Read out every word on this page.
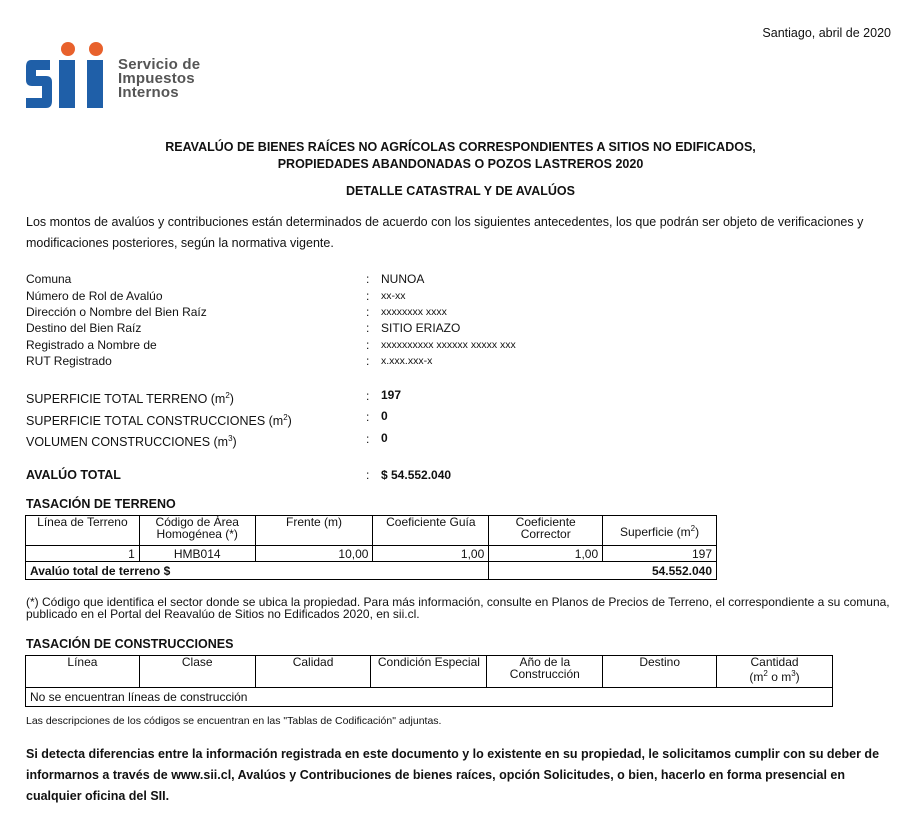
Santiago, abril de 2020
Servicio de
Impuestos
Internos
REAVALÚO DE BIENES RAÍCES NO AGRÍCOLAS CORRESPONDIENTES A SITIOS NO EDIFICADOS,
PROPIEDADES ABANDONADAS O POZOS LASTREROS 2020
DETALLE CATASTRAL Y DE AVALÚOS
Los montos de avalúos y contribuciones están determinados de acuerdo con los siguientes antecedentes, los que podrán ser objeto de verificaciones y modificaciones posteriores, según la normativa vigente.
Comuna	: NUNOA
Número de Rol de Avalúo	: xx-xx
Dirección o Nombre del Bien Raíz	: xxxxxxxx xxxx
Destino del Bien Raíz	: SITIO ERIAZO
Registrado a Nombre de	: xxxxxxxxxx xxxxxx xxxxx xxx
RUT Registrado	: x.xxx.xxx-x
SUPERFICIE TOTAL TERRENO $(m^2)$	: 197
SUPERFICIE TOTAL CONSTRUCCIONES $(m^2)$	: 0
VOLUMEN CONSTRUCCIONES $(m^3)$	: 0
AVALÚO TOTAL	: $ 54.552.040
TASACIÓN DE TERRENO
Línea de Terreno	Código de Área Homogénea (*)	Frente (m)	Coeficiente Guía	Coeficiente Corrector	Superficie $(m^2)$
1	HMB014	10,00	1,00	1,00	197
Avalúo total de terreno $				54.552.040	
(*) Código que identifica el sector donde se ubica la propiedad. Para más información, consulte en Planos de Precios de Terreno, el correspondiente a su comuna, publicado en el Portal del Reavalúo de Sitios no Edificados 2020, en sii.cl.
TASACIÓN DE CONSTRUCCIONES
Línea	Clase	Calidad	Condición Especial	Año de la Construcción	Destino	Cantidad
($m^2$ o $m^3$)
No se encuentran líneas de construcción
Las descripciones de los códigos se encuentran en las "Tablas de Codificación" adjuntas.
Si detecta diferencias entre la información registrada en este documento y lo existente en su propiedad, le solicitamos cumplir con su deber de informarnos a través de www.sii.cl, Avalúos y Contribuciones de bienes raíces, opción Solicitudes, o bien, hacerlo en forma presencial en cualquier oficina del SII.
